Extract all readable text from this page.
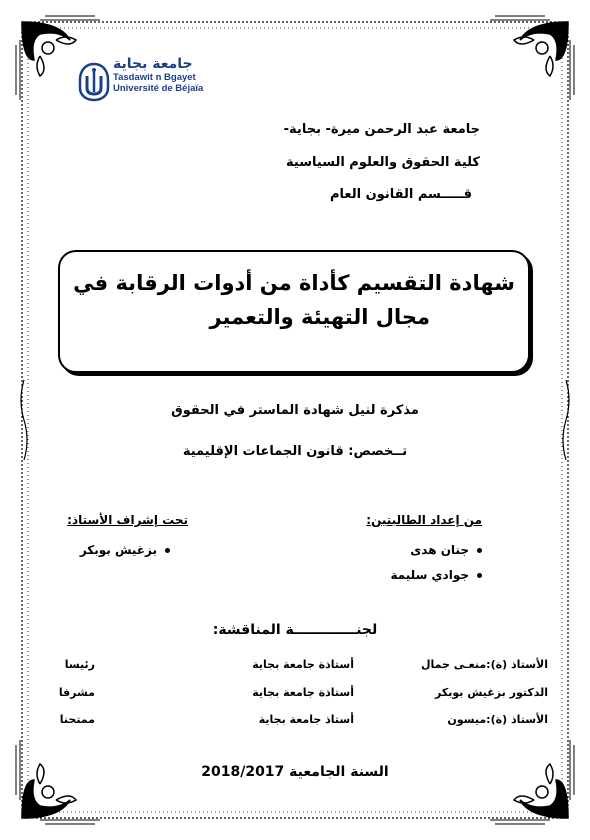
جامعة بجاية
Tasdawit n Bgayet
Université de Béjaïa
جامعة عبد الرحمن ميرة- بجاية-
كلية الحقوق والعلوم السياسية
قـــــسم القانون العام
شهادة التقسيم كأداة من أدوات الرقابة في
مجال التهيئة والتعمير
مذكرة لنيل شهادة الماستر في الحقوق
تــخصص: قانون الجماعات الإقليمية
من إعداد الطالبتين:
جنان هدى
جوادي سليمة
تحت إشراف الأستاذ:
بزغيش بوبكر
لجنـــــــــــــة المناقشة:
الأستاذ (ة):منعـى جمال
أستاذة جامعة بجاية
رئيسا
الدكتور بزغيش بوبكر
أستاذة جامعة بجاية
مشرفا
الأستاذ (ة):ميسون
أستاذ جامعة بجاية
ممتحنا
السنة الجامعية 2018/2017
